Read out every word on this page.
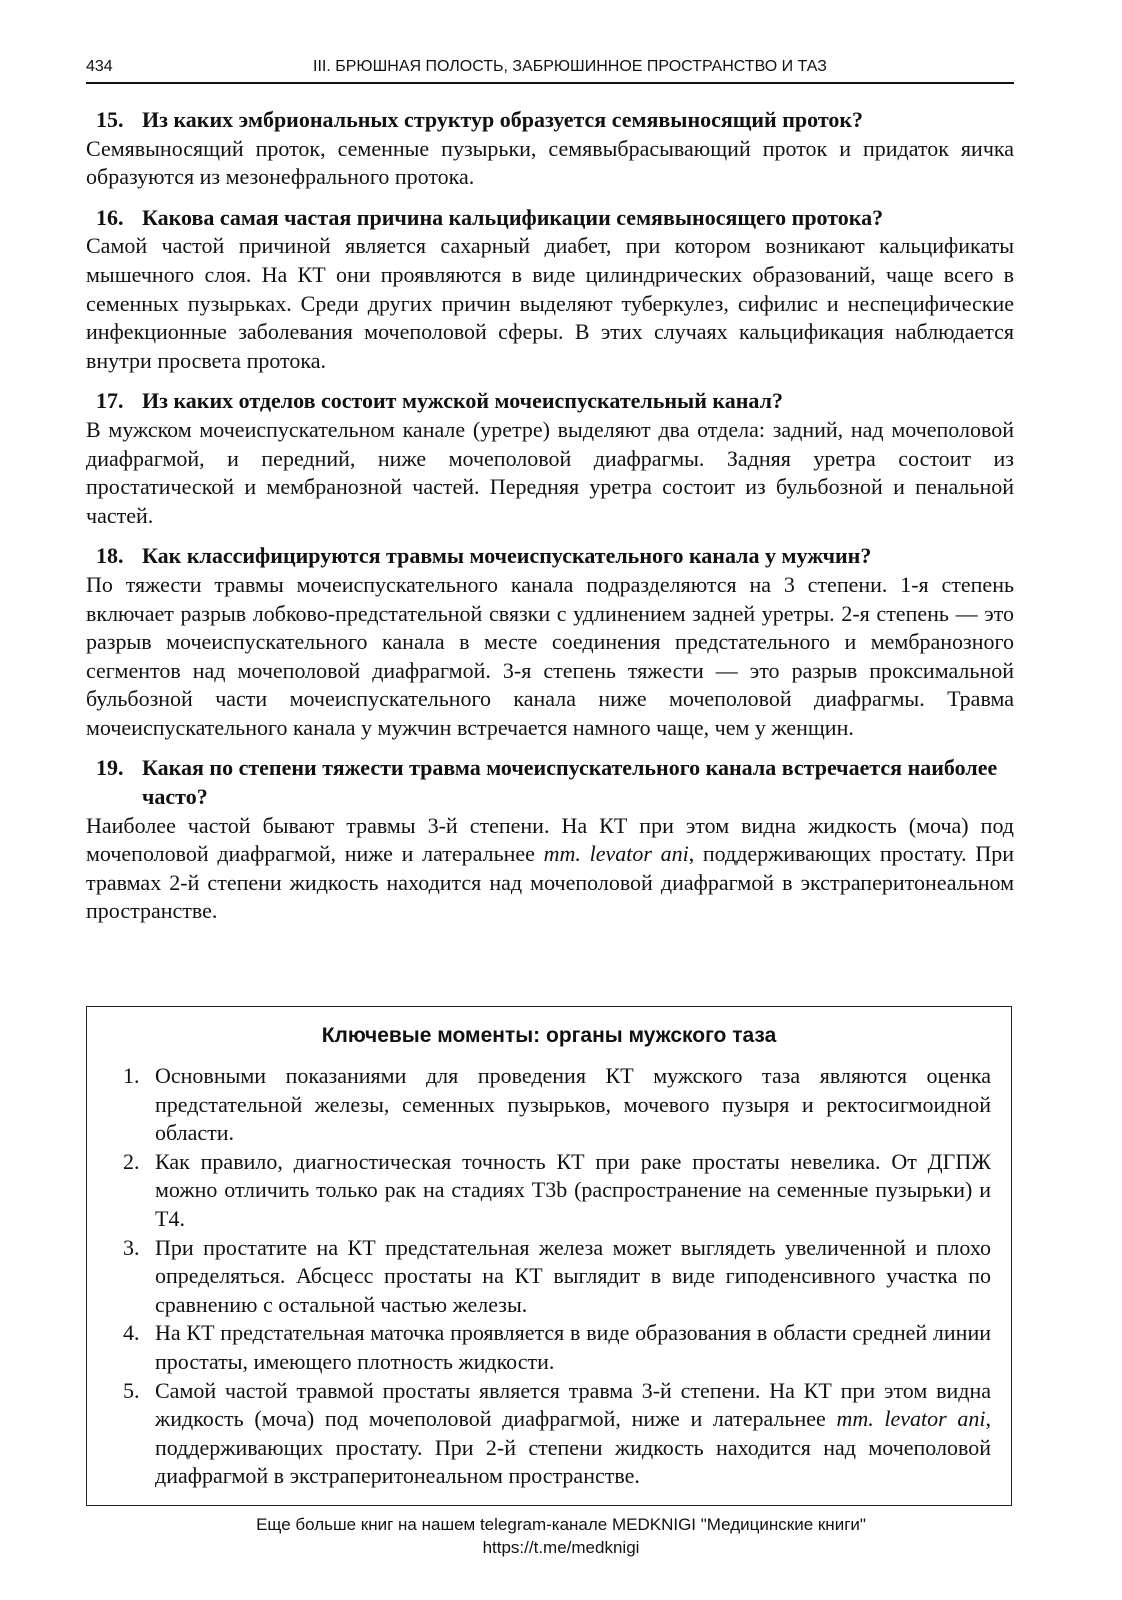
434	III. БРЮШНАЯ ПОЛОСТЬ, ЗАБРЮШИННОЕ ПРОСТРАНСТВО И ТАЗ
15. Из каких эмбриональных структур образуется семявыносящий проток?
Семявыносящий проток, семенные пузырьки, семявыбрасывающий проток и придаток яичка образуются из мезонефрального протока.
16. Какова самая частая причина кальцификации семявыносящего протока?
Самой частой причиной является сахарный диабет, при котором возникают кальцификаты мышечного слоя. На КТ они проявляются в виде цилиндрических образований, чаще всего в семенных пузырьках. Среди других причин выделяют туберкулез, сифилис и неспецифические инфекционные заболевания мочеполовой сферы. В этих случаях кальцификация наблюдается внутри просвета протока.
17. Из каких отделов состоит мужской мочеиспускательный канал?
В мужском мочеиспускательном канале (уретре) выделяют два отдела: задний, над мочеполовой диафрагмой, и передний, ниже мочеполовой диафрагмы. Задняя уретра состоит из простатической и мембранозной частей. Передняя уретра состоит из бульбозной и пенальной частей.
18. Как классифицируются травмы мочеиспускательного канала у мужчин?
По тяжести травмы мочеиспускательного канала подразделяются на 3 степени. 1-я степень включает разрыв лобково-предстательной связки с удлинением задней уретры. 2-я степень — это разрыв мочеиспускательного канала в месте соединения предстательного и мембранозного сегментов над мочеполовой диафрагмой. 3-я степень тяжести — это разрыв проксимальной бульбозной части мочеиспускательного канала ниже мочеполовой диафрагмы. Травма мочеиспускательного канала у мужчин встречается намного чаще, чем у женщин.
19. Какая по степени тяжести травма мочеиспускательного канала встречается наиболее часто?
Наиболее частой бывают травмы 3-й степени. На КТ при этом видна жидкость (моча) под мочеполовой диафрагмой, ниже и латеральнее mm. levator ani, поддерживающих простату. При травмах 2-й степени жидкость находится над мочеполовой диафрагмой в экстраперитонеальном пространстве.
Ключевые моменты: органы мужского таза
1. Основными показаниями для проведения КТ мужского таза являются оценка предстательной железы, семенных пузырьков, мочевого пузыря и ректосигмоидной области.
2. Как правило, диагностическая точность КТ при раке простаты невелика. От ДГПЖ можно отличить только рак на стадиях T3b (распространение на семенные пузырьки) и T4.
3. При простатите на КТ предстательная железа может выглядеть увеличенной и плохо определяться. Абсцесс простаты на КТ выглядит в виде гиподенсивного участка по сравнению с остальной частью железы.
4. На КТ предстательная маточка проявляется в виде образования в области средней линии простаты, имеющего плотность жидкости.
5. Самой частой травмой простаты является травма 3-й степени. На КТ при этом видна жидкость (моча) под мочеполовой диафрагмой, ниже и латеральнее mm. levator ani, поддерживающих простату. При 2-й степени жидкость находится над мочеполовой диафрагмой в экстраперитонеальном пространстве.
Еще больше книг на нашем telegram-канале MEDKNIGI "Медицинские книги"
https://t.me/medknigi
